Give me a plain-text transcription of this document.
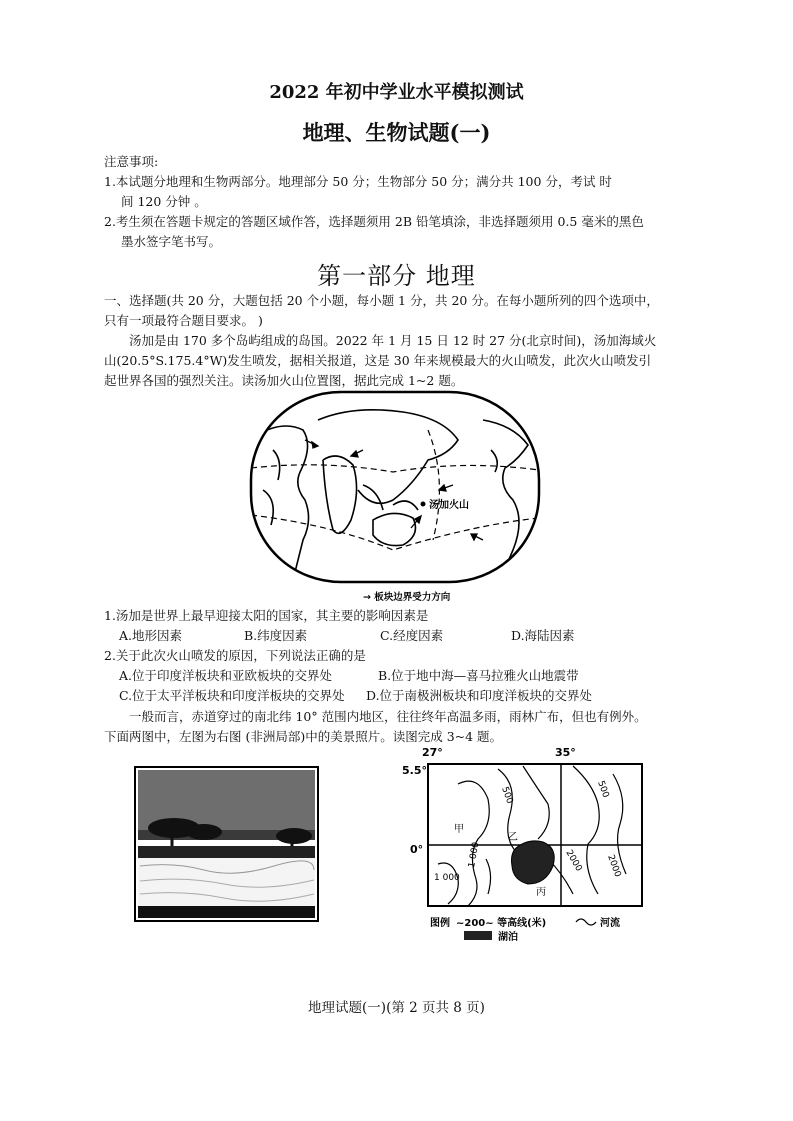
2022 年初中学业水平模拟测试
地理、生物试题(一)
注意事项:
1.本试题分地理和生物两部分。地理部分 50 分；生物部分 50 分；满分共 100 分，考试 时
间 120 分钟 。
2.考生须在答题卡规定的答题区域作答，选择题须用 2B 铅笔填涂，非选择题须用 0.5 毫米的黑色
墨水签字笔书写。
第一部分 地理
一、选择题(共 20 分，大题包括 20 个小题，每小题 1 分，共 20 分。在每小题所列的四个选项中，
只有一项最符合题目要求。 )
汤加是由 170 多个岛屿组成的岛国。2022 年 1 月 15 日 12 时 27 分(北京时间)，汤加海域火
山(20.5°S.175.4°W)发生喷发，据相关报道，这是 30 年来规模最大的火山喷发，此次火山喷发引
起世界各国的强烈关注。读汤加火山位置图，据此完成 1~2 题。
汤加火山
→ 板块边界受力方向
1.汤加是世界上最早迎接太阳的国家，其主要的影响因素是
A.地形因素	B.纬度因素	C.经度因素	D.海陆因素
2.关于此次火山喷发的原因，下列说法正确的是
A.位于印度洋板块和亚欧板块的交界处	B.位于地中海—喜马拉雅火山地震带
C.位于太平洋板块和印度洋板块的交界处 D.位于南极洲板块和印度洋板块的交界处
一般而言，赤道穿过的南北纬 10° 范围内地区，往往终年高温多雨，雨林广布，但也有例外。
下面两图中，左图为右图 (非洲局部)中的美景照片。读图完成 3~4 题。
27°	35°
5.5°
0°
乙
甲
丙
500
1 000
1 000	2000 2000
500
图例 ~200~ 等高线(米)	河流
湖泊
地理试题(一)(第 2 页共 8 页)
